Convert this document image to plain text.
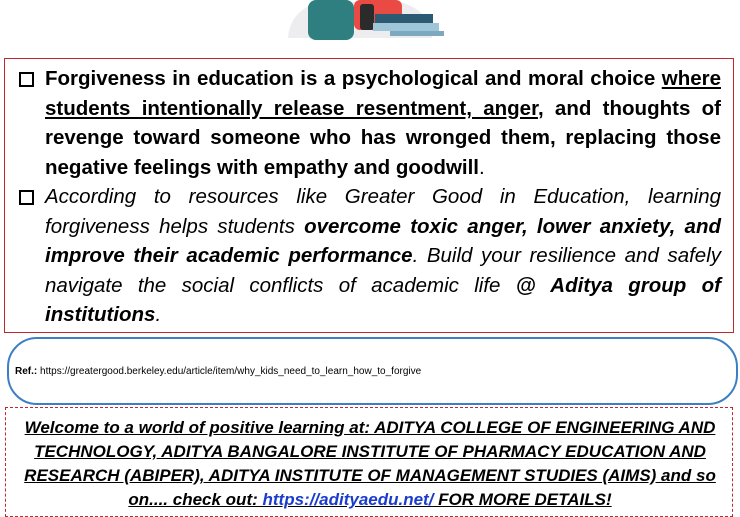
Forgiveness in education is a psychological and moral choice where students intentionally release resentment, anger, and thoughts of revenge toward someone who has wronged them, replacing those negative feelings with empathy and goodwill.
According to resources like Greater Good in Education, learning forgiveness helps students overcome toxic anger, lower anxiety, and improve their academic performance. Build your resilience and safely navigate the social conflicts of academic life @ Aditya group of institutions.
Ref.: https://greatergood.berkeley.edu/article/item/why_kids_need_to_learn_how_to_forgive
Welcome to a world of positive learning at: ADITYA COLLEGE OF ENGINEERING AND TECHNOLOGY, ADITYA BANGALORE INSTITUTE OF PHARMACY EDUCATION AND RESEARCH (ABIPER), ADITYA INSTITUTE OF MANAGEMENT STUDIES (AIMS) and so on.... check out: https://adityaedu.net/ FOR MORE DETAILS!
